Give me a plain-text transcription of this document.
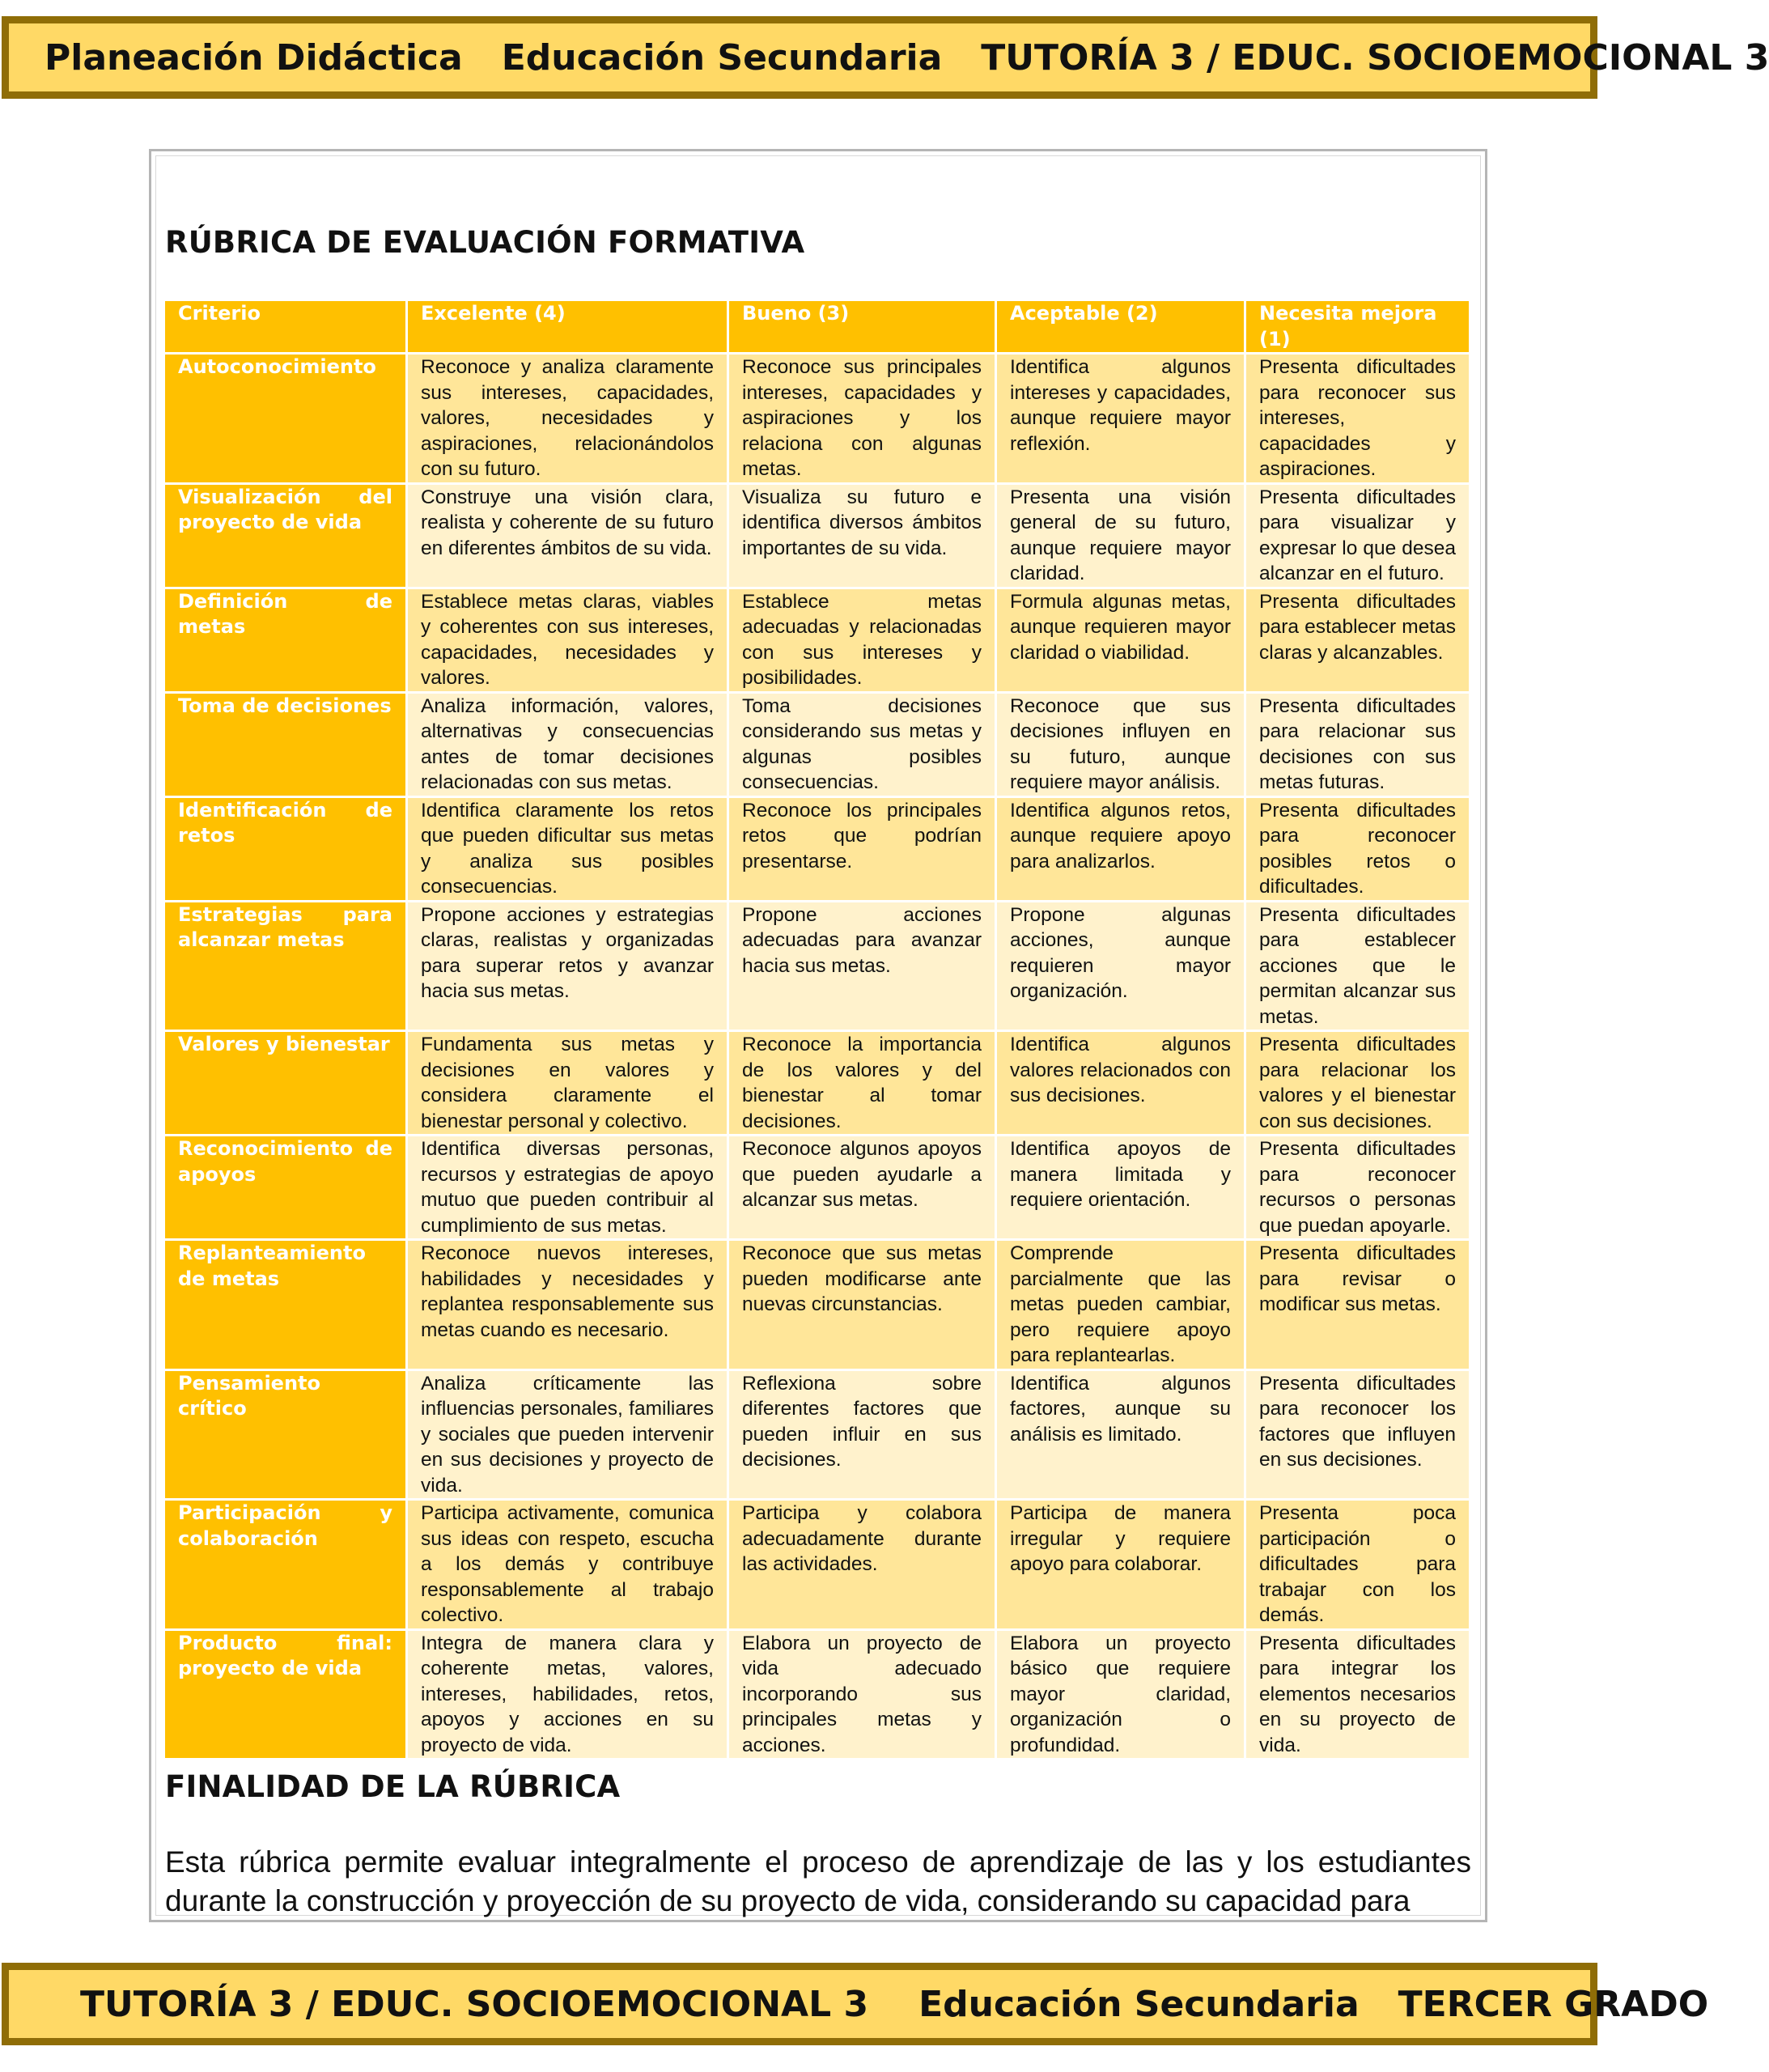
Planeación Didáctica Educación Secundaria TUTORÍA 3 / EDUC. SOCIOEMOCIONAL 3
RÚBRICA DE EVALUACIÓN FORMATIVA
Criterio	Excelente (4)	Bueno (3)	Aceptable (2)	Necesita mejora (1)
Autoconocimiento	Reconoce y analiza claramente sus intereses, capacidades, valores, necesidades y aspiraciones, relacionándolos con su futuro.	Reconoce sus principales intereses, capacidades y aspiraciones y los relaciona con algunas metas.	Identifica algunos intereses y capacidades, aunque requiere mayor reflexión.	Presenta dificultades para reconocer sus intereses, capacidades y aspiraciones.
Visualización del proyecto de vida	Construye una visión clara, realista y coherente de su futuro en diferentes ámbitos de su vida.	Visualiza su futuro e identifica diversos ámbitos importantes de su vida.	Presenta una visión general de su futuro, aunque requiere mayor claridad.	Presenta dificultades para visualizar y expresar lo que desea alcanzar en el futuro.
Definición de metas	Establece metas claras, viables y coherentes con sus intereses, capacidades, necesidades y valores.	Establece metas adecuadas y relacionadas con sus intereses y posibilidades.	Formula algunas metas, aunque requieren mayor claridad o viabilidad.	Presenta dificultades para establecer metas claras y alcanzables.
Toma de decisiones	Analiza información, valores, alternativas y consecuencias antes de tomar decisiones relacionadas con sus metas.	Toma decisiones considerando sus metas y algunas posibles consecuencias.	Reconoce que sus decisiones influyen en su futuro, aunque requiere mayor análisis.	Presenta dificultades para relacionar sus decisiones con sus metas futuras.
Identificación de retos	Identifica claramente los retos que pueden dificultar sus metas y analiza sus posibles consecuencias.	Reconoce los principales retos que podrían presentarse.	Identifica algunos retos, aunque requiere apoyo para analizarlos.	Presenta dificultades para reconocer posibles retos o dificultades.
Estrategias para alcanzar metas	Propone acciones y estrategias claras, realistas y organizadas para superar retos y avanzar hacia sus metas.	Propone acciones adecuadas para avanzar hacia sus metas.	Propone algunas acciones, aunque requieren mayor organización.	Presenta dificultades para establecer acciones que le permitan alcanzar sus metas.
Valores y bienestar	Fundamenta sus metas y decisiones en valores y considera claramente el bienestar personal y colectivo.	Reconoce la importancia de los valores y del bienestar al tomar decisiones.	Identifica algunos valores relacionados con sus decisiones.	Presenta dificultades para relacionar los valores y el bienestar con sus decisiones.
Reconocimiento de apoyos	Identifica diversas personas, recursos y estrategias de apoyo mutuo que pueden contribuir al cumplimiento de sus metas.	Reconoce algunos apoyos que pueden ayudarle a alcanzar sus metas.	Identifica apoyos de manera limitada y requiere orientación.	Presenta dificultades para reconocer recursos o personas que puedan apoyarle.
Replanteamiento de metas	Reconoce nuevos intereses, habilidades y necesidades y replantea responsablemente sus metas cuando es necesario.	Reconoce que sus metas pueden modificarse ante nuevas circunstancias.	Comprende parcialmente que las metas pueden cambiar, pero requiere apoyo para replantearlas.	Presenta dificultades para revisar o modificar sus metas.
Pensamiento crítico	Analiza críticamente las influencias personales, familiares y sociales que pueden intervenir en sus decisiones y proyecto de vida.	Reflexiona sobre diferentes factores que pueden influir en sus decisiones.	Identifica algunos factores, aunque su análisis es limitado.	Presenta dificultades para reconocer los factores que influyen en sus decisiones.
Participación y colaboración	Participa activamente, comunica sus ideas con respeto, escucha a los demás y contribuye responsablemente al trabajo colectivo.	Participa y colabora adecuadamente durante las actividades.	Participa de manera irregular y requiere apoyo para colaborar.	Presenta poca participación o dificultades para trabajar con los demás.
Producto final: proyecto de vida	Integra de manera clara y coherente metas, valores, intereses, habilidades, retos, apoyos y acciones en su proyecto de vida.	Elabora un proyecto de vida adecuado incorporando sus principales metas y acciones.	Elabora un proyecto básico que requiere mayor claridad, organización o profundidad.	Presenta dificultades para integrar los elementos necesarios en su proyecto de vida.
FINALIDAD DE LA RÚBRICA
Esta rúbrica permite evaluar integralmente el proceso de aprendizaje de las y los estudiantes durante la construcción y proyección de su proyecto de vida, considerando su capacidad para
TUTORÍA 3 / EDUC. SOCIOEMOCIONAL 3 Educación Secundaria TERCER GRADO
